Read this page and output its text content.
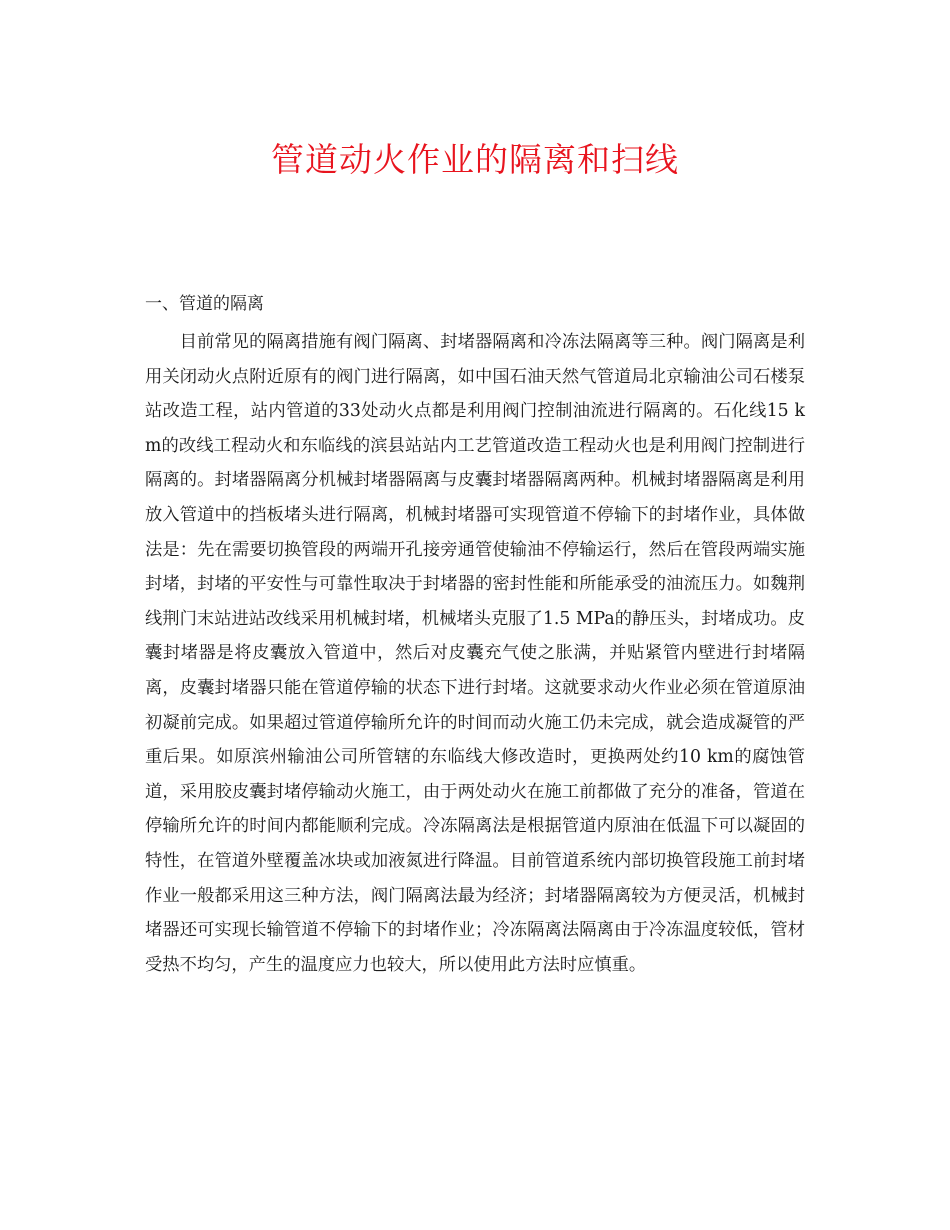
管道动火作业的隔离和扫线
一、管道的隔离

目前常见的隔离措施有阀门隔离、封堵器隔离和冷冻法隔离等三种。阀门隔离是利用关闭动火点附近原有的阀门进行隔离，如中国石油天然气管道局北京输油公司石楼泵站改造工程，站内管道的33处动火点都是利用阀门控制油流进行隔离的。石化线15 km的改线工程动火和东临线的滨县站站内工艺管道改造工程动火也是利用阀门控制进行隔离的。封堵器隔离分机械封堵器隔离与皮囊封堵器隔离两种。机械封堵器隔离是利用放入管道中的挡板堵头进行隔离，机械封堵器可实现管道不停输下的封堵作业，具体做法是：先在需要切换管段的两端开孔接旁通管使输油不停输运行，然后在管段两端实施封堵，封堵的平安性与可靠性取决于封堵器的密封性能和所能承受的油流压力。如魏荆线荆门末站进站改线采用机械封堵，机械堵头克服了1.5 MPa的静压头，封堵成功。皮囊封堵器是将皮囊放入管道中，然后对皮囊充气使之胀满，并贴紧管内壁进行封堵隔离，皮囊封堵器只能在管道停输的状态下进行封堵。这就要求动火作业必须在管道原油初凝前完成。如果超过管道停输所允许的时间而动火施工仍未完成，就会造成凝管的严重后果。如原滨州输油公司所管辖的东临线大修改造时，更换两处约10 km的腐蚀管道，采用胶皮囊封堵停输动火施工，由于两处动火在施工前都做了充分的准备，管道在停输所允许的时间内都能顺利完成。冷冻隔离法是根据管道内原油在低温下可以凝固的特性，在管道外壁覆盖冰块或加液氮进行降温。目前管道系统内部切换管段施工前封堵作业一般都采用这三种方法，阀门隔离法最为经济；封堵器隔离较为方便灵活，机械封堵器还可实现长输管道不停输下的封堵作业；冷冻隔离法隔离由于冷冻温度较低，管材受热不均匀，产生的温度应力也较大，所以使用此方法时应慎重。
